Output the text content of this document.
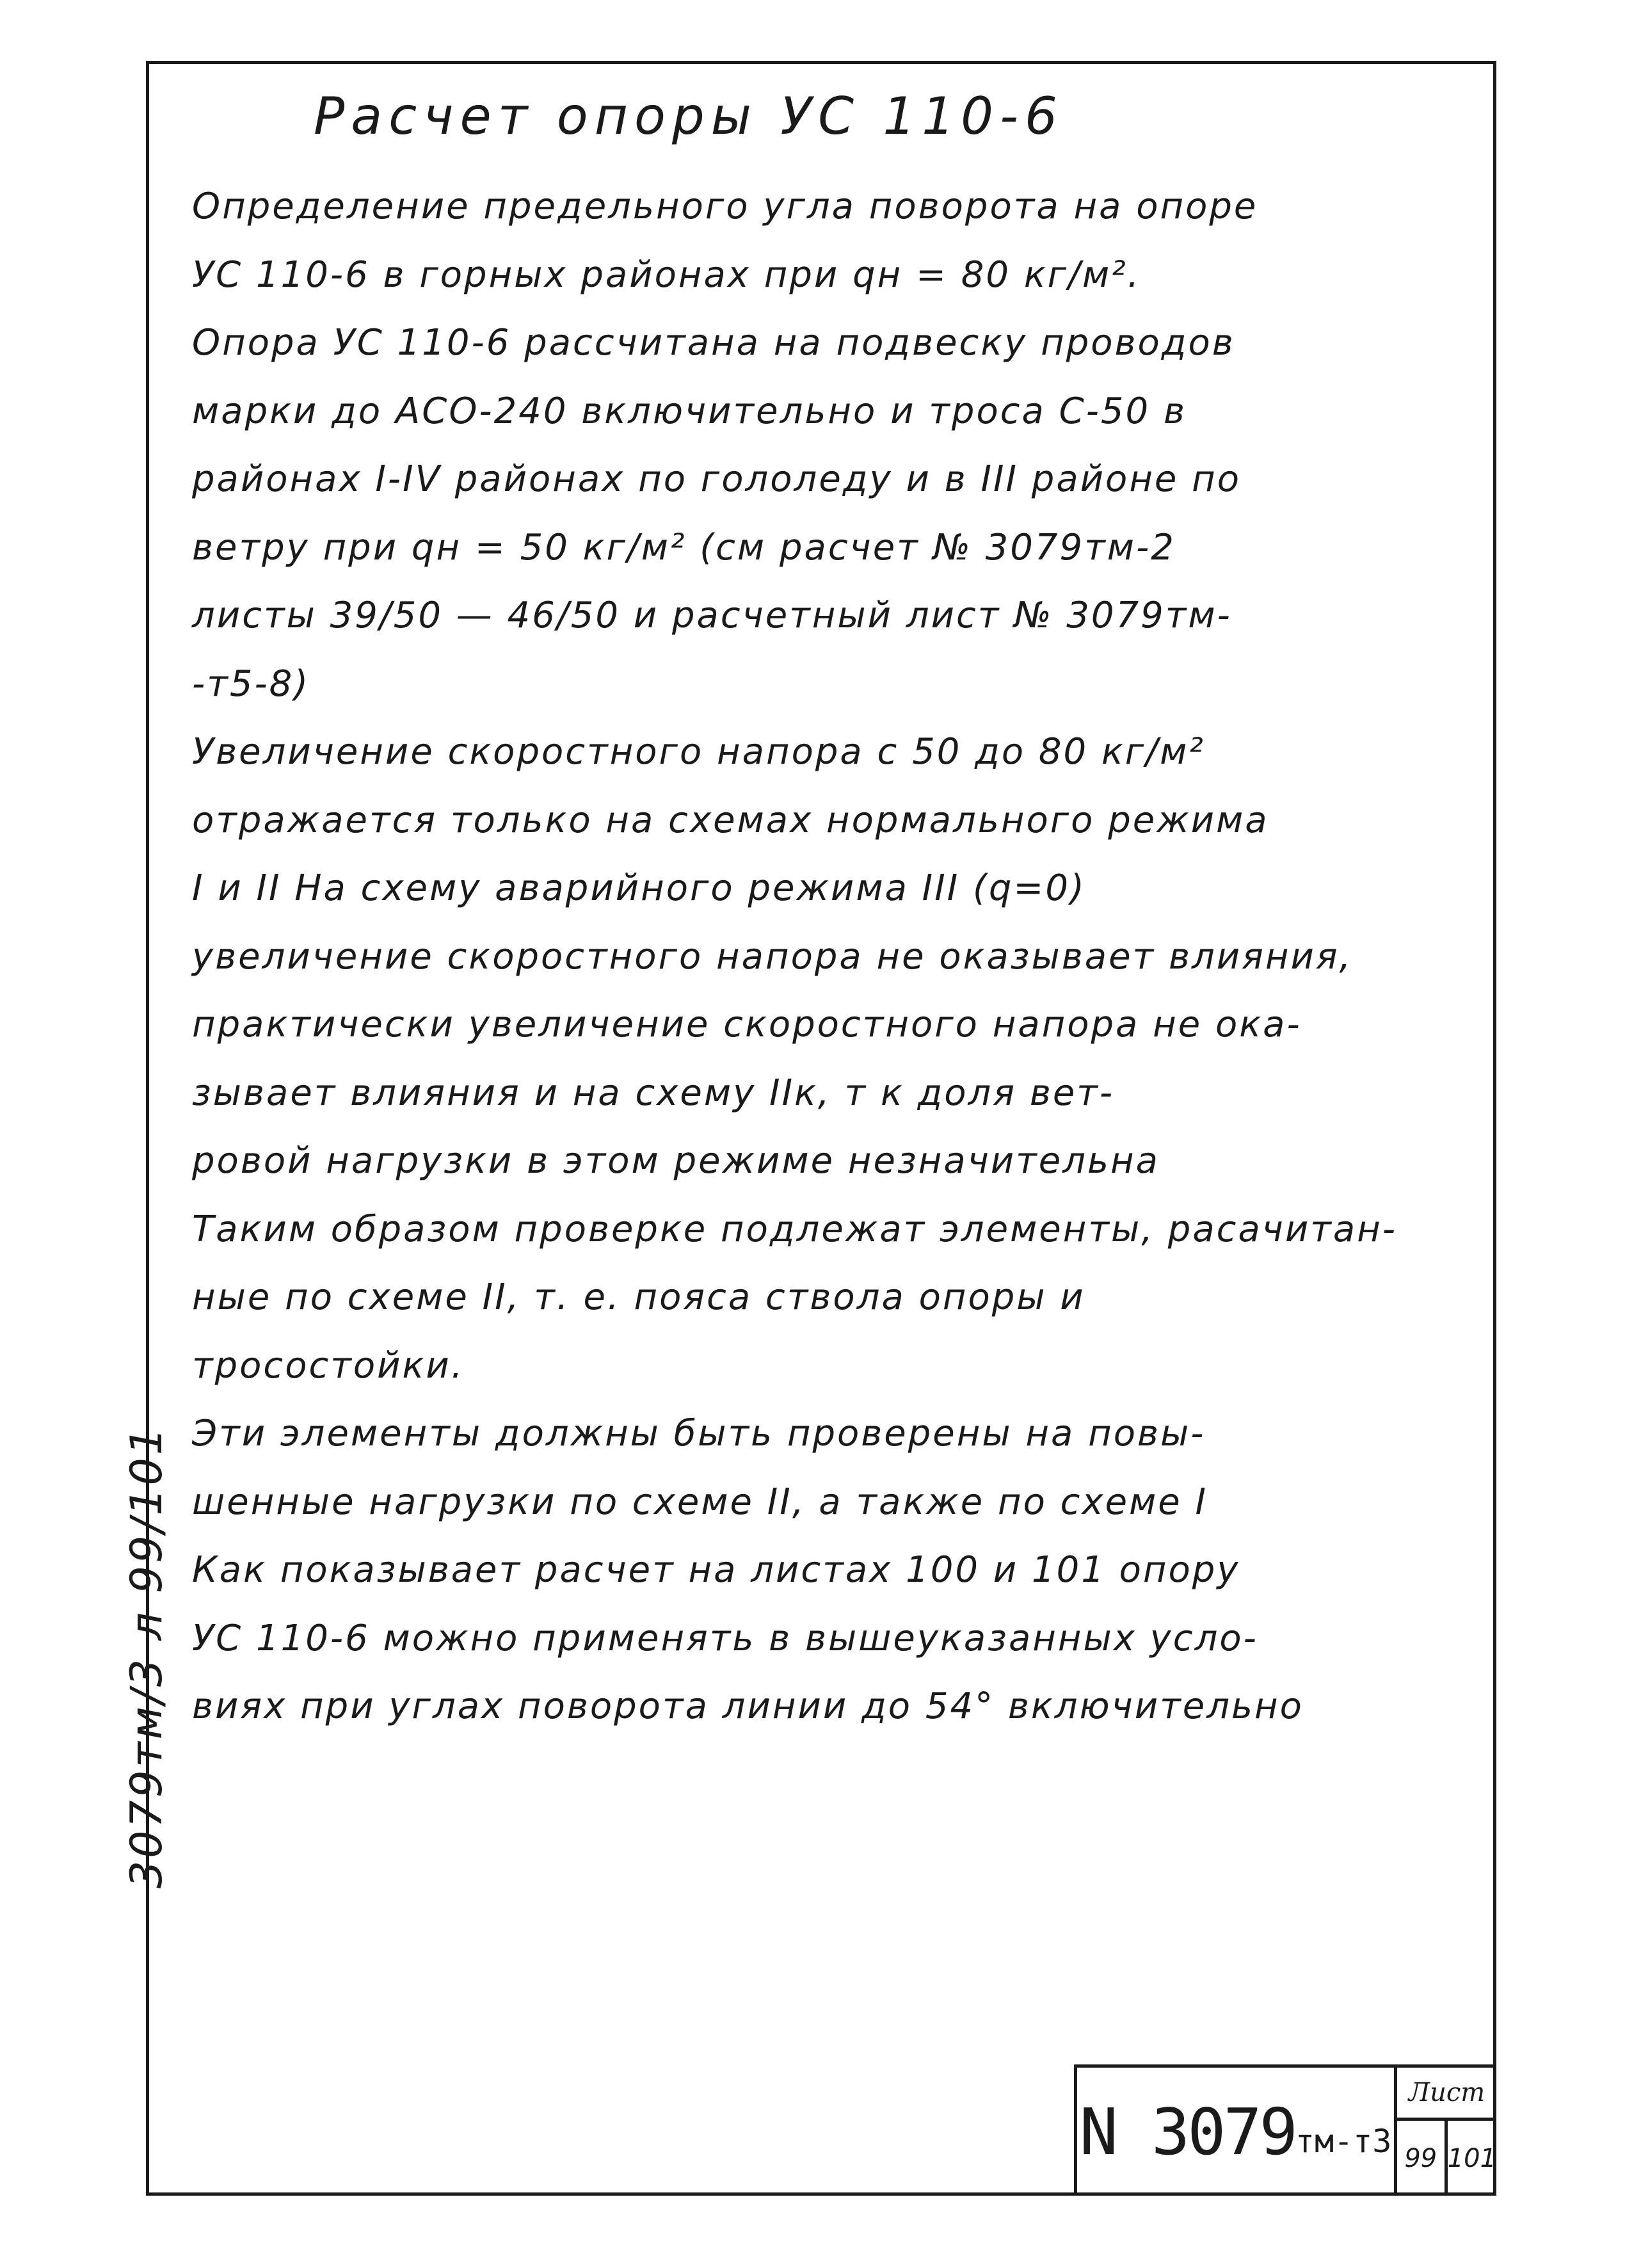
Расчет опоры УС 110-6
Определение предельного угла поворота на опоре
УС 110-6 в горных районах при qн = 80 кг/м².
Опора УС 110-6 рассчитана на подвеску проводов
марки до АСО-240 включительно и троса С-50 в
районах I-IV районах по гололеду и в III районе по
ветру при qн = 50 кг/м² (см расчет № 3079тм-2
листы 39/50 — 46/50 и расчетный лист № 3079тм-
-т5-8)
Увеличение скоростного напора с 50 до 80 кг/м²
отражается только на схемах нормального режима
I и II На схему аварийного режима III (q=0)
увеличение скоростного напора не оказывает влияния,
практически увеличение скоростного напора не ока-
зывает влияния и на схему IIк, т к доля вет-
ровой нагрузки в этом режиме незначительна
Таким образом проверке подлежат элементы, расачитан-
ные по схеме II, т. е. пояса ствола опоры и
тросостойки.
Эти элементы должны быть проверены на повы-
шенные нагрузки по схеме II, а также по схеме I
Как показывает расчет на листах 100 и 101 опору
УС 110-6 можно применять в вышеуказанных усло-
виях при углах поворота линии до 54° включительно
3079тм/3 л 99/101
N 3079 тм-т3
Лист
99 101
